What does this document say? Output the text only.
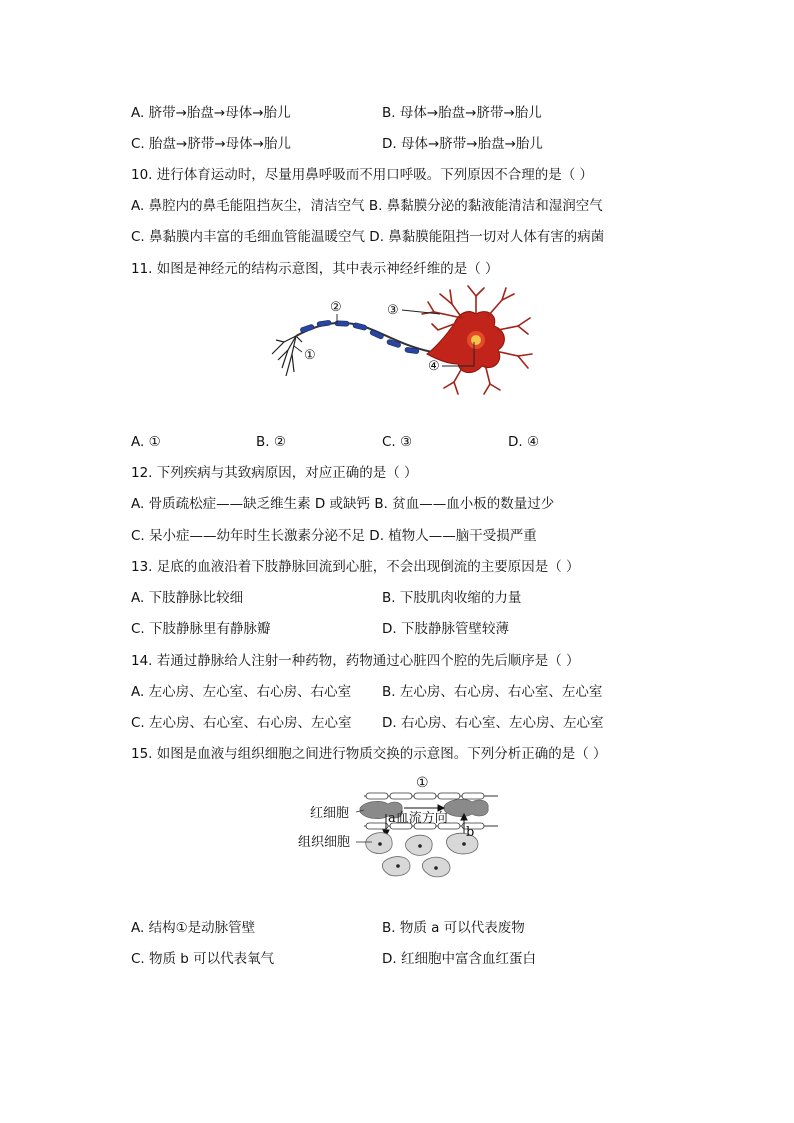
A. 脐带→胎盘→母体→胎儿	B. 母体→胎盘→脐带→胎儿
C. 胎盘→脐带→母体→胎儿	D. 母体→脐带→胎盘→胎儿
10. 进行体育运动时，尽量用鼻呼吸而不用口呼吸。下列原因不合理的是（ ）
A. 鼻腔内的鼻毛能阻挡灰尘，清洁空气 B. 鼻黏膜分泌的黏液能清洁和湿润空气
C. 鼻黏膜内丰富的毛细血管能温暖空气 D. 鼻黏膜能阻挡一切对人体有害的病菌
11. 如图是神经元的结构示意图，其中表示神经纤维的是（ ）
②	③
④
①
A. ①	B. ②	C. ③	D. ④
12. 下列疾病与其致病原因，对应正确的是（ ）
A. 骨质疏松症——缺乏维生素 D 或缺钙 B. 贫血——血小板的数量过少
C. 呆小症——幼年时生长激素分泌不足 D. 植物人——脑干受损严重
13. 足底的血液沿着下肢静脉回流到心脏，不会出现倒流的主要原因是（ ）
A. 下肢静脉比较细	B. 下肢肌肉收缩的力量
C. 下肢静脉里有静脉瓣	D. 下肢静脉管壁较薄
14. 若通过静脉给人注射一种药物，药物通过心脏四个腔的先后顺序是（ ）
A. 左心房、左心室、右心房、右心室 B. 左心房、右心房、右心室、左心室
C. 左心房、右心室、右心房、左心室 D. 右心房、右心室、左心房、左心室
15. 如图是血液与组织细胞之间进行物质交换的示意图。下列分析正确的是（ ）
①
红细胞	a血流方向
b
组织细胞
A. 结构①是动脉管壁	B. 物质 a 可以代表废物
C. 物质 b 可以代表氧气	D. 红细胞中富含血红蛋白
